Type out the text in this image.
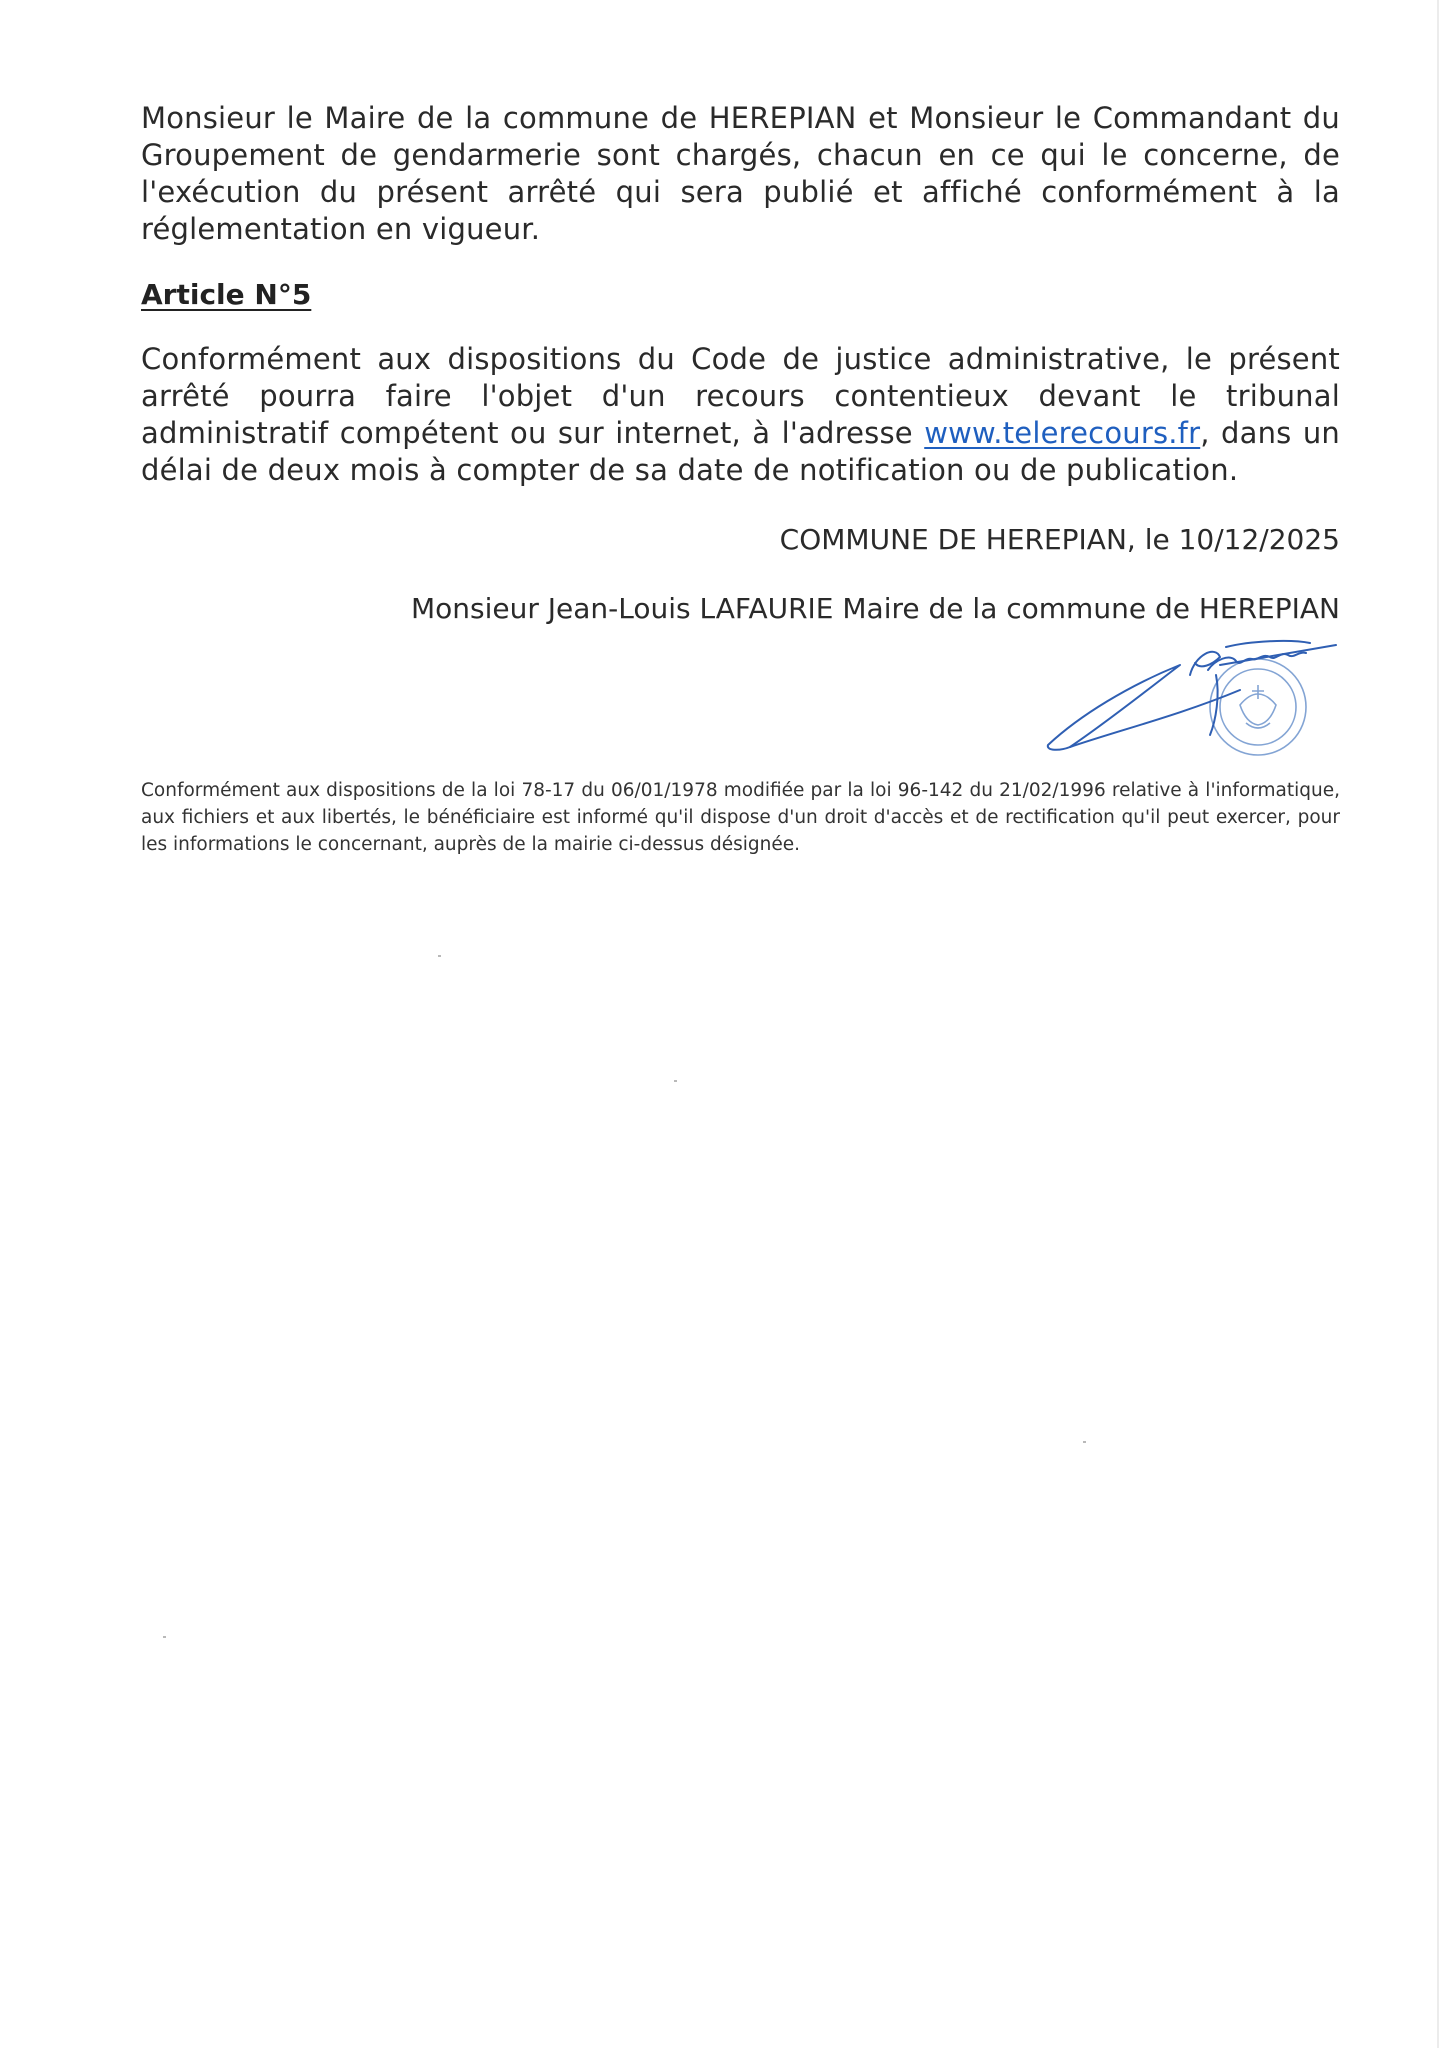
Monsieur le Maire de la commune de HEREPIAN et Monsieur le Commandant du Groupement de gendarmerie sont chargés, chacun en ce qui le concerne, de l'exécution du présent arrêté qui sera publié et affiché conformément à la réglementation en vigueur.

Article N°5

Conformément aux dispositions du Code de justice administrative, le présent arrêté pourra faire l'objet d'un recours contentieux devant le tribunal administratif compétent ou sur internet, à l'adresse www.telerecours.fr, dans un délai de deux mois à compter de sa date de notification ou de publication.

COMMUNE DE HEREPIAN, le 10/12/2025
Monsieur Jean-Louis LAFAURIE Maire de la commune de HEREPIAN

Conformément aux dispositions de la loi 78-17 du 06/01/1978 modifiée par la loi 96-142 du 21/02/1996 relative à l'informatique, aux fichiers et aux libertés, le bénéficiaire est informé qu'il dispose d'un droit d'accès et de rectification qu'il peut exercer, pour les informations le concernant, auprès de la mairie ci-dessus désignée.
